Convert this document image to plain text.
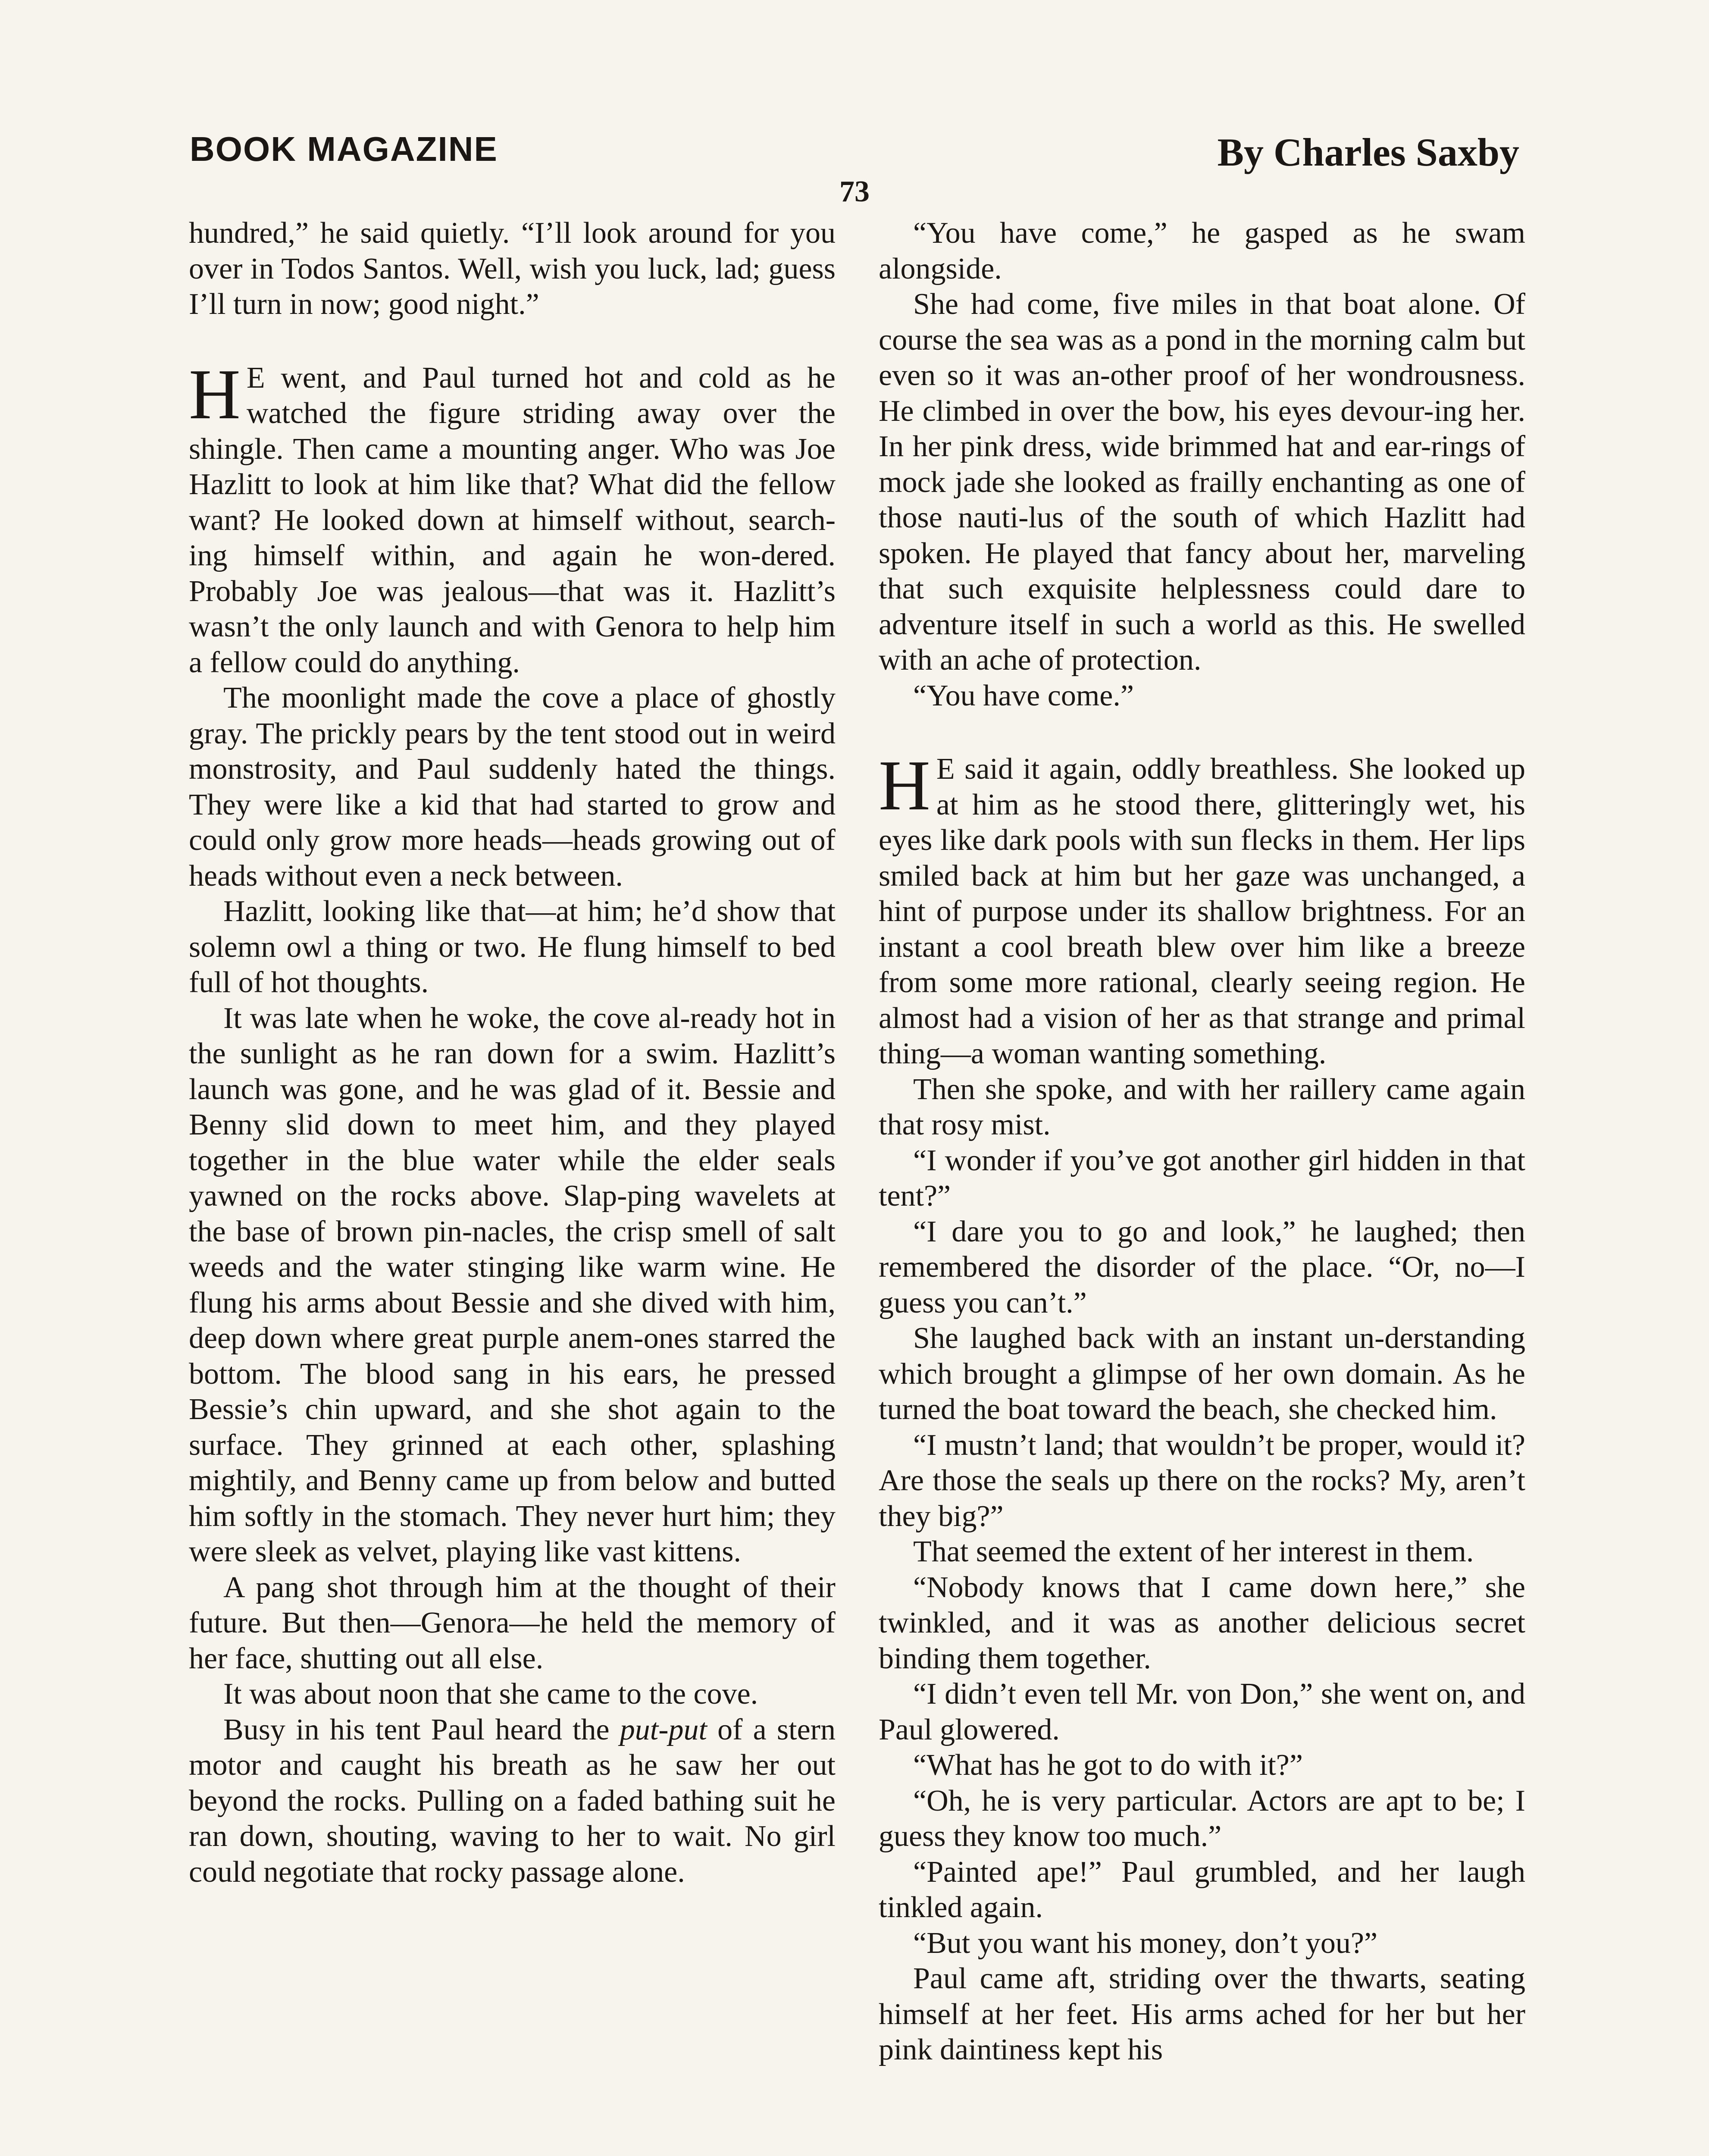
BOOK MAGAZINE	By Charles Saxby
73

hundred,” he said quietly. “I’ll look around for you over in Todos Santos. Well, wish you luck, lad; guess I’ll turn in now; good night.”

H E went, and Paul turned hot and cold as he watched the figure striding away over the shingle. Then came a mounting anger. Who was Joe Hazlitt to look at him like that? What did the fellow want? He looked down at himself without, search-ing himself within, and again he won-dered. Probably Joe was jealous—that was it. Hazlitt’s wasn’t the only launch and with Genora to help him a fellow could do anything.

The moonlight made the cove a place of ghostly gray. The prickly pears by the tent stood out in weird monstrosity, and Paul suddenly hated the things. They were like a kid that had started to grow and could only grow more heads—heads growing out of heads without even a neck between.

Hazlitt, looking like that—at him; he’d show that solemn owl a thing or two. He flung himself to bed full of hot thoughts.

It was late when he woke, the cove al-ready hot in the sunlight as he ran down for a swim. Hazlitt’s launch was gone, and he was glad of it. Bessie and Benny slid down to meet him, and they played together in the blue water while the elder seals yawned on the rocks above. Slap-ping wavelets at the base of brown pin-nacles, the crisp smell of salt weeds and the water stinging like warm wine. He flung his arms about Bessie and she dived with him, deep down where great purple anem-ones starred the bottom. The blood sang in his ears, he pressed Bessie’s chin upward, and she shot again to the surface. They grinned at each other, splashing mightily, and Benny came up from below and butted him softly in the stomach. They never hurt him; they were sleek as velvet, playing like vast kittens.

A pang shot through him at the thought of their future. But then—Genora—he held the memory of her face, shutting out all else.

It was about noon that she came to the cove.

Busy in his tent Paul heard the put-put of a stern motor and caught his breath as he saw her out beyond the rocks. Pulling on a faded bathing suit he ran down, shouting, waving to her to wait. No girl could negotiate that rocky passage alone.

“You have come,” he gasped as he swam alongside.

She had come, five miles in that boat alone. Of course the sea was as a pond in the morning calm but even so it was an-other proof of her wondrousness. He climbed in over the bow, his eyes devour-ing her. In her pink dress, wide brimmed hat and ear-rings of mock jade she looked as frailly enchanting as one of those nauti-lus of the south of which Hazlitt had spoken. He played that fancy about her, marveling that such exquisite helplessness could dare to adventure itself in such a world as this. He swelled with an ache of protection.

“You have come.”

H E said it again, oddly breathless. She looked up at him as he stood there, glitteringly wet, his eyes like dark pools with sun flecks in them. Her lips smiled back at him but her gaze was unchanged, a hint of purpose under its shallow brightness. For an instant a cool breath blew over him like a breeze from some more rational, clearly seeing region. He almost had a vision of her as that strange and primal thing—a woman wanting something.

Then she spoke, and with her raillery came again that rosy mist.

“I wonder if you’ve got another girl hidden in that tent?”

“I dare you to go and look,” he laughed; then remembered the disorder of the place. “Or, no—I guess you can’t.”

She laughed back with an instant un-derstanding which brought a glimpse of her own domain. As he turned the boat toward the beach, she checked him.

“I mustn’t land; that wouldn’t be proper, would it? Are those the seals up there on the rocks? My, aren’t they big?”

That seemed the extent of her interest in them.

“Nobody knows that I came down here,” she twinkled, and it was as another delicious secret binding them together.

“I didn’t even tell Mr. von Don,” she went on, and Paul glowered.

“What has he got to do with it?”

“Oh, he is very particular. Actors are apt to be; I guess they know too much.”

“Painted ape!” Paul grumbled, and her laugh tinkled again.

“But you want his money, don’t you?”

Paul came aft, striding over the thwarts, seating himself at her feet. His arms ached for her but her pink daintiness kept his
